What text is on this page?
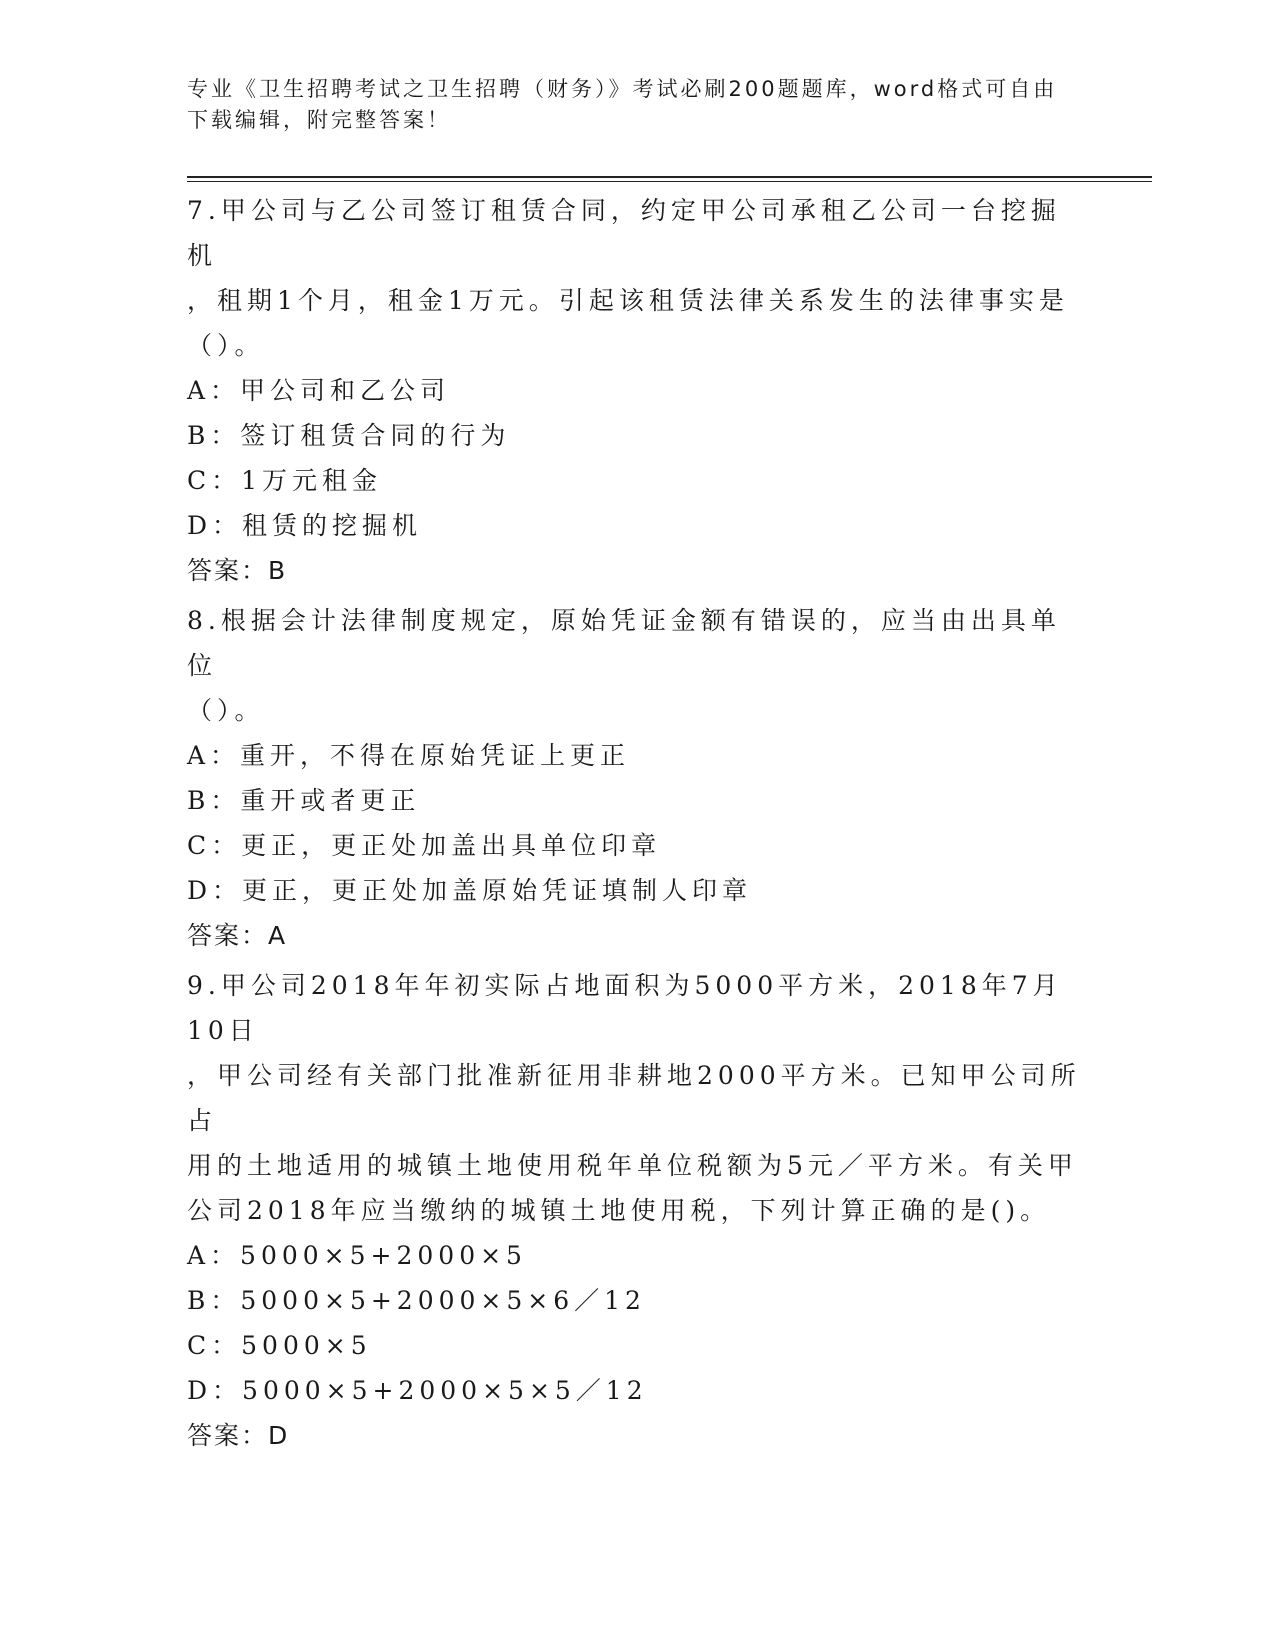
专业《卫生招聘考试之卫生招聘（财务）》考试必刷200题题库，word格式可自由下载编辑，附完整答案！

7.甲公司与乙公司签订租赁合同，约定甲公司承租乙公司一台挖掘机
，租期1个月，租金1万元。引起该租赁法律关系发生的法律事实是
（）。

A：甲公司和乙公司

B：签订租赁合同的行为

C：1万元租金

D：租赁的挖掘机

答案：B

8.根据会计法律制度规定，原始凭证金额有错误的，应当由出具单位
（）。

A：重开，不得在原始凭证上更正

B：重开或者更正

C：更正，更正处加盖出具单位印章

D：更正，更正处加盖原始凭证填制人印章

答案：A

9.甲公司2018年年初实际占地面积为5000平方米，2018年7月10日
，甲公司经有关部门批准新征用非耕地2000平方米。已知甲公司所占
用的土地适用的城镇土地使用税年单位税额为5元／平方米。有关甲
公司2018年应当缴纳的城镇土地使用税，下列计算正确的是()。

A：5000×5+2000×5

B：5000×5+2000×5×6／12

C：5000×5

D：5000×5+2000×5×5／12

答案：D
